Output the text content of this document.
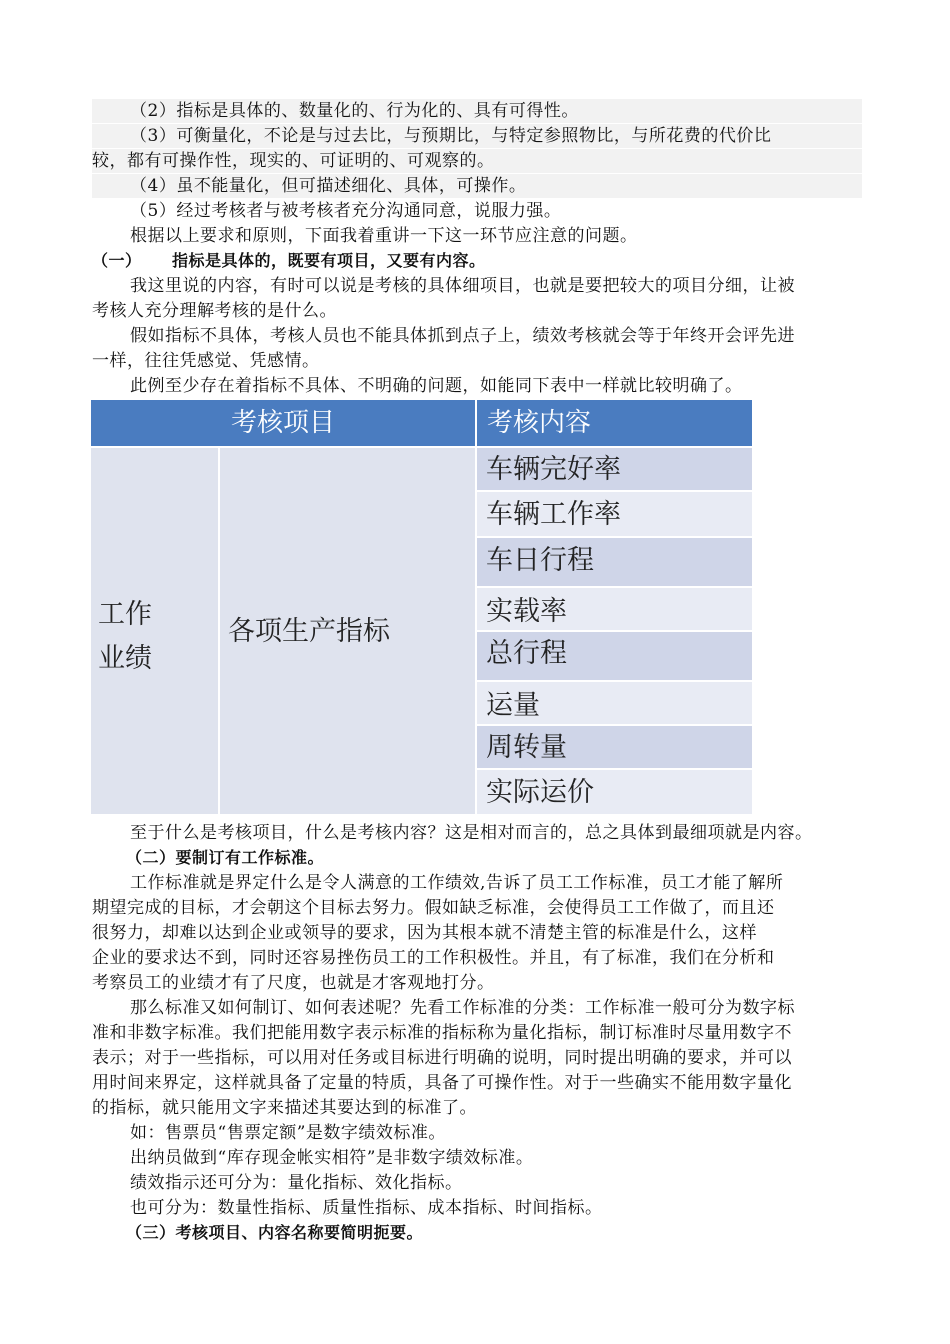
（2）指标是具体的、数量化的、行为化的、具有可得性。
（3）可衡量化，不论是与过去比，与预期比，与特定参照物比，与所花费的代价比
较，都有可操作性，现实的、可证明的、可观察的。
（4）虽不能量化，但可描述细化、具体，可操作。
（5）经过考核者与被考核者充分沟通同意，说服力强。
根据以上要求和原则，下面我着重讲一下这一环节应注意的问题。
（一） 指标是具体的，既要有项目，又要有内容。
我这里说的内容，有时可以说是考核的具体细项目，也就是要把较大的项目分细，让被
考核人充分理解考核的是什么。
假如指标不具体，考核人员也不能具体抓到点子上，绩效考核就会等于年终开会评先进
一样，往往凭感觉、凭感情。
此例至少存在着指标不具体、不明确的问题，如能同下表中一样就比较明确了。
考核项目	考核内容
工作
业绩
各项生产指标
车辆完好率
车辆工作率
车日行程
实载率
总行程
运量
周转量
实际运价
至于什么是考核项目，什么是考核内容？这是相对而言的，总之具体到最细项就是内容。
（二）要制订有工作标准。
工作标准就是界定什么是令人满意的工作绩效,告诉了员工工作标准，员工才能了解所
期望完成的目标，才会朝这个目标去努力。假如缺乏标准，会使得员工工作做了，而且还
很努力，却难以达到企业或领导的要求，因为其根本就不清楚主管的标准是什么，这样
企业的要求达不到，同时还容易挫伤员工的工作积极性。并且，有了标准，我们在分析和
考察员工的业绩才有了尺度，也就是才客观地打分。
那么标准又如何制订、如何表述呢？先看工作标准的分类：工作标准一般可分为数字标
准和非数字标准。我们把能用数字表示标准的指标称为量化指标，制订标准时尽量用数字不
表示；对于一些指标，可以用对任务或目标进行明确的说明，同时提出明确的要求，并可以
用时间来界定，这样就具备了定量的特质，具备了可操作性。对于一些确实不能用数字量化
的指标，就只能用文字来描述其要达到的标准了。
如：售票员“售票定额”是数字绩效标准。
出纳员做到“库存现金帐实相符”是非数字绩效标准。
绩效指示还可分为：量化指标、效化指标。
也可分为：数量性指标、质量性指标、成本指标、时间指标。
（三）考核项目、内容名称要简明扼要。
